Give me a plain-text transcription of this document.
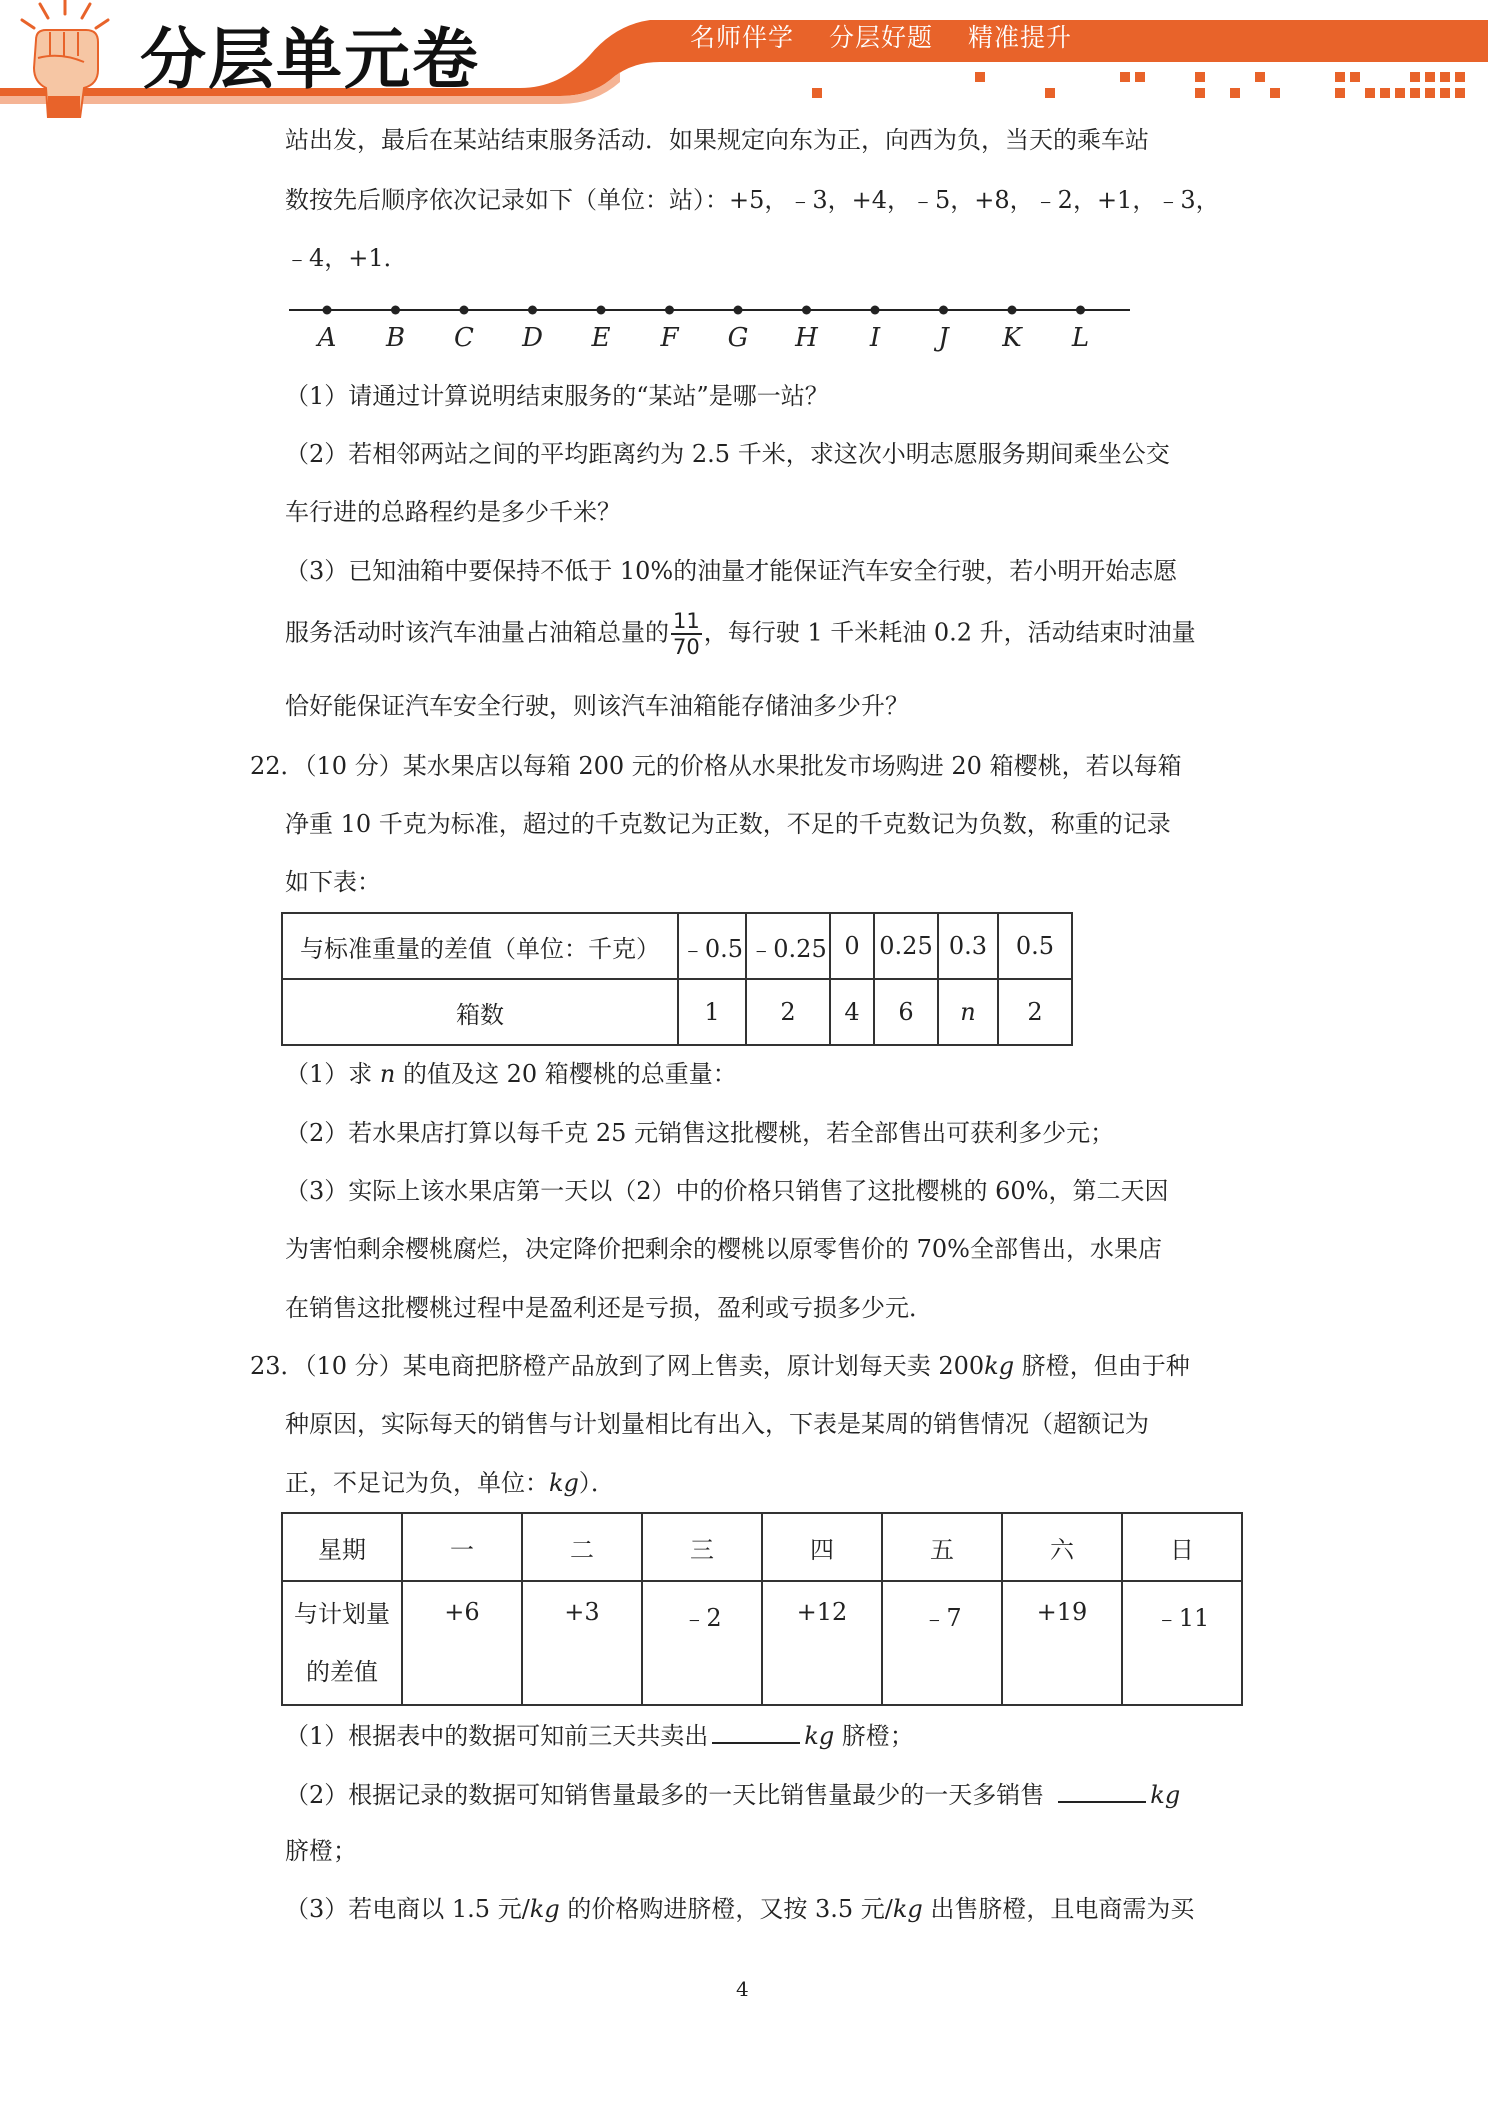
分层单元卷	名师伴学 分层好题 精准提升
站出发，最后在某站结束服务活动．如果规定向东为正，向西为负，当天的乘车站
数按先后顺序依次记录如下（单位：站）：+5，﹣3，+4，﹣5，+8，﹣2，+1，﹣3，
﹣4，+1．
A B C D E F G H I J K L
（1）请通过计算说明结束服务的“某站”是哪一站？
（2）若相邻两站之间的平均距离约为 2.5 千米，求这次小明志愿服务期间乘坐公交
车行进的总路程约是多少千米？
（3）已知油箱中要保持不低于 10%的油量才能保证汽车安全行驶，若小明开始志愿
服务活动时该汽车油量占油箱总量的 $\frac{11}{70}$ ，每行驶 1 千米耗油 0.2 升，活动结束时油量
恰好能保证汽车安全行驶，则该汽车油箱能存储油多少升？
22．（10 分）某水果店以每箱 200 元的价格从水果批发市场购进 20 箱樱桃，若以每箱
净重 10 千克为标准，超过的千克数记为正数，不足的千克数记为负数，称重的记录
如下表：
与标准重量的差值（单位：千克）	﹣0.5	﹣0.25	0	0.25	0.3	0.5
箱数	1	2	4	6	n	2
（1）求 n 的值及这 20 箱樱桃的总重量：
（2）若水果店打算以每千克 25 元销售这批樱桃，若全部售出可获利多少元；
（3）实际上该水果店第一天以（2）中的价格只销售了这批樱桃的 60%，第二天因
为害怕剩余樱桃腐烂，决定降价把剩余的樱桃以原零售价的 70%全部售出，水果店
在销售这批樱桃过程中是盈利还是亏损，盈利或亏损多少元．
23．（10 分）某电商把脐橙产品放到了网上售卖，原计划每天卖 200kg 脐橙，但由于种
种原因，实际每天的销售与计划量相比有出入，下表是某周的销售情况（超额记为
正，不足记为负，单位：kg）．
星期	一	二	三	四	五	六	日

与计划量
的差值	+6	+3	﹣2	+12	﹣7	+19	﹣11
（1）根据表中的数据可知前三天共卖出	kg 脐橙；
（2）根据记录的数据可知销售量最多的一天比销售量最少的一天多销售	kg
脐橙；
（3）若电商以 1.5 元/kg 的价格购进脐橙，又按 3.5 元/kg 出售脐橙，且电商需为买
4
